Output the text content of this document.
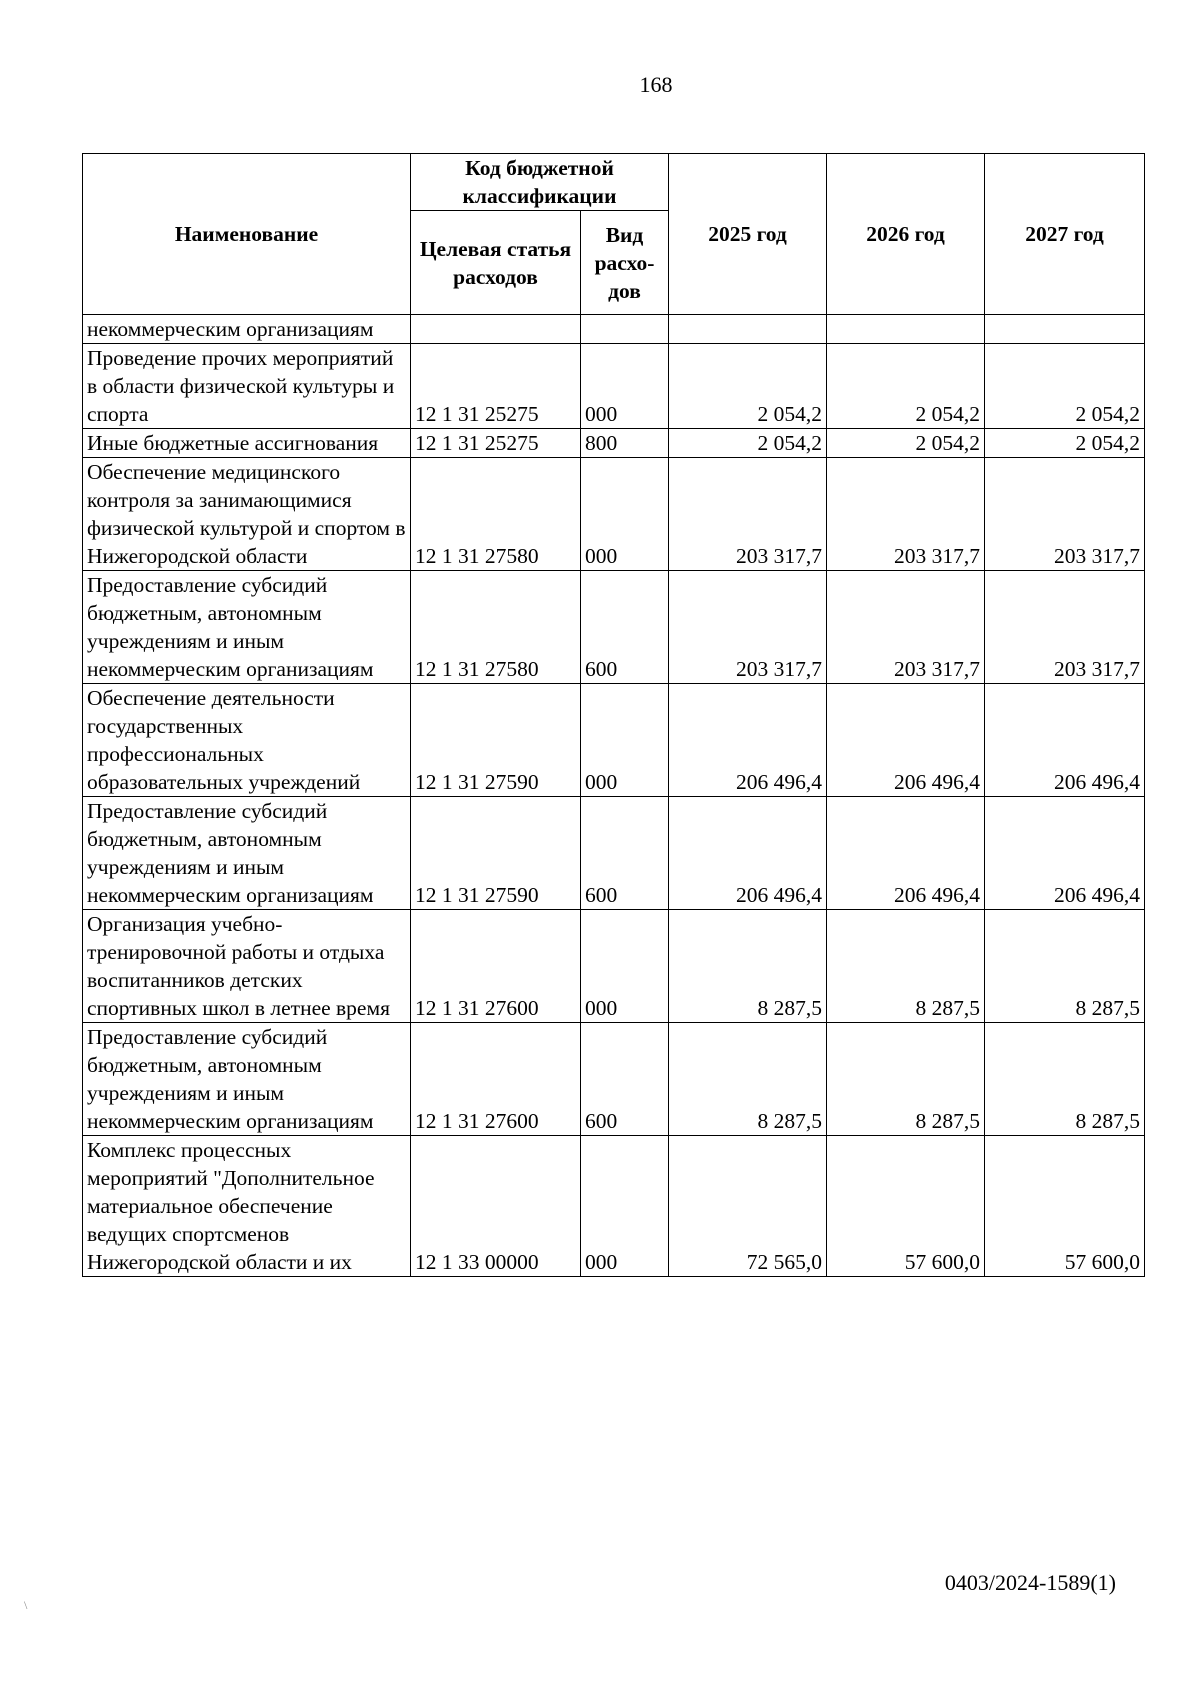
168
Наименование	Код бюджетной классификации		2025 год	2026 год	2027 год
	Целевая статья расходов	Вид расхо-дов			
некоммерческим организациям					
Проведение прочих мероприятий в области физической культуры и спорта	12 1 31 25275	000	2 054,2	2 054,2	2 054,2
Иные бюджетные ассигнования	12 1 31 25275	800	2 054,2	2 054,2	2 054,2
Обеспечение медицинского контроля за занимающимися физической культурой и спортом в Нижегородской области	12 1 31 27580	000	203 317,7	203 317,7	203 317,7
Предоставление субсидий бюджетным, автономным учреждениям и иным некоммерческим организациям	12 1 31 27580	600	203 317,7	203 317,7	203 317,7
Обеспечение деятельности государственных профессиональных образовательных учреждений	12 1 31 27590	000	206 496,4	206 496,4	206 496,4
Предоставление субсидий бюджетным, автономным учреждениям и иным некоммерческим организациям	12 1 31 27590	600	206 496,4	206 496,4	206 496,4
Организация учебно-тренировочной работы и отдыха воспитанников детских спортивных школ в летнее время	12 1 31 27600	000	8 287,5	8 287,5	8 287,5
Предоставление субсидий бюджетным, автономным учреждениям и иным некоммерческим организациям	12 1 31 27600	600	8 287,5	8 287,5	8 287,5
Комплекс процессных мероприятий "Дополнительное материальное обеспечение ведущих спортсменов Нижегородской области и их	12 1 33 00000	000	72 565,0	57 600,0	57 600,0
0403/2024-1589(1)
\
